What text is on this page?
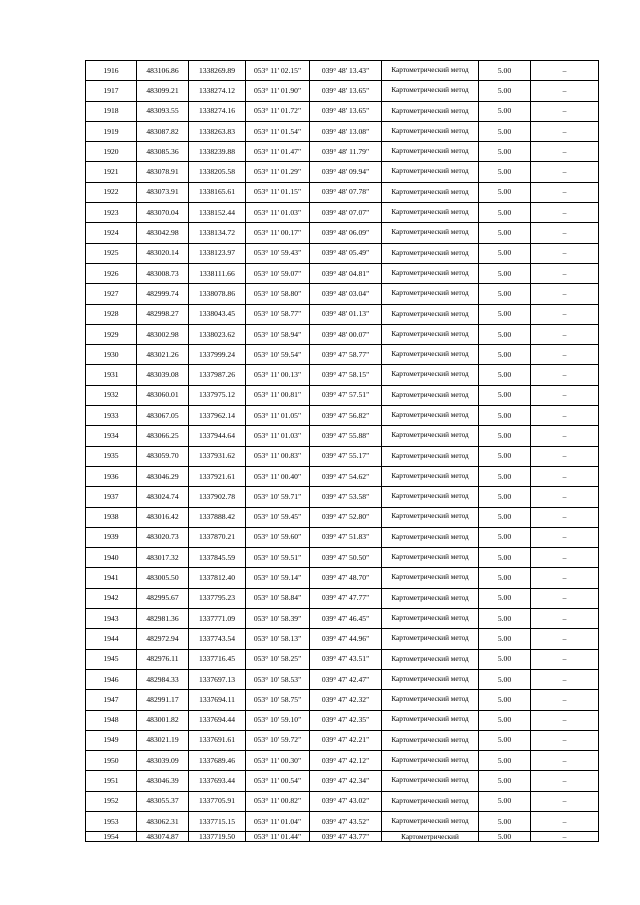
1916	483106.86	1338269.89	053° 11' 02.15"	039° 48' 13.43"	Картометрический метод	5.00	–
1917	483099.21	1338274.12	053° 11' 01.90"	039° 48' 13.65"	Картометрический метод	5.00	–
1918	483093.55	1338274.16	053° 11' 01.72"	039° 48' 13.65"	Картометрический метод	5.00	–
1919	483087.82	1338263.83	053° 11' 01.54"	039° 48' 13.08"	Картометрический метод	5.00	–
1920	483085.36	1338239.88	053° 11' 01.47"	039° 48' 11.79"	Картометрический метод	5.00	–
1921	483078.91	1338205.58	053° 11' 01.29"	039° 48' 09.94"	Картометрический метод	5.00	–
1922	483073.91	1338165.61	053° 11' 01.15"	039° 48' 07.78"	Картометрический метод	5.00	–
1923	483070.04	1338152.44	053° 11' 01.03"	039° 48' 07.07"	Картометрический метод	5.00	–
1924	483042.98	1338134.72	053° 11' 00.17"	039° 48' 06.09"	Картометрический метод	5.00	–
1925	483020.14	1338123.97	053° 10' 59.43"	039° 48' 05.49"	Картометрический метод	5.00	–
1926	483008.73	1338111.66	053° 10' 59.07"	039° 48' 04.81"	Картометрический метод	5.00	–
1927	482999.74	1338078.86	053° 10' 58.80"	039° 48' 03.04"	Картометрический метод	5.00	–
1928	482998.27	1338043.45	053° 10' 58.77"	039° 48' 01.13"	Картометрический метод	5.00	–
1929	483002.98	1338023.62	053° 10' 58.94"	039° 48' 00.07"	Картометрический метод	5.00	–
1930	483021.26	1337999.24	053° 10' 59.54"	039° 47' 58.77"	Картометрический метод	5.00	–
1931	483039.08	1337987.26	053° 11' 00.13"	039° 47' 58.15"	Картометрический метод	5.00	–
1932	483060.01	1337975.12	053° 11' 00.81"	039° 47' 57.51"	Картометрический метод	5.00	–
1933	483067.05	1337962.14	053° 11' 01.05"	039° 47' 56.82"	Картометрический метод	5.00	–
1934	483066.25	1337944.64	053° 11' 01.03"	039° 47' 55.88"	Картометрический метод	5.00	–
1935	483059.70	1337931.62	053° 11' 00.83"	039° 47' 55.17"	Картометрический метод	5.00	–
1936	483046.29	1337921.61	053° 11' 00.40"	039° 47' 54.62"	Картометрический метод	5.00	–
1937	483024.74	1337902.78	053° 10' 59.71"	039° 47' 53.58"	Картометрический метод	5.00	–
1938	483016.42	1337888.42	053° 10' 59.45"	039° 47' 52.80"	Картометрический метод	5.00	–
1939	483020.73	1337870.21	053° 10' 59.60"	039° 47' 51.83"	Картометрический метод	5.00	–
1940	483017.32	1337845.59	053° 10' 59.51"	039° 47' 50.50"	Картометрический метод	5.00	–
1941	483005.50	1337812.40	053° 10' 59.14"	039° 47' 48.70"	Картометрический метод	5.00	–
1942	482995.67	1337795.23	053° 10' 58.84"	039° 47' 47.77"	Картометрический метод	5.00	–
1943	482981.36	1337771.09	053° 10' 58.39"	039° 47' 46.45"	Картометрический метод	5.00	–
1944	482972.94	1337743.54	053° 10' 58.13"	039° 47' 44.96"	Картометрический метод	5.00	–
1945	482976.11	1337716.45	053° 10' 58.25"	039° 47' 43.51"	Картометрический метод	5.00	–
1946	482984.33	1337697.13	053° 10' 58.53"	039° 47' 42.47"	Картометрический метод	5.00	–
1947	482991.17	1337694.11	053° 10' 58.75"	039° 47' 42.32"	Картометрический метод	5.00	–
1948	483001.82	1337694.44	053° 10' 59.10"	039° 47' 42.35"	Картометрический метод	5.00	–
1949	483021.19	1337691.61	053° 10' 59.72"	039° 47' 42.21"	Картометрический метод	5.00	–
1950	483039.09	1337689.46	053° 11' 00.30"	039° 47' 42.12"	Картометрический метод	5.00	–
1951	483046.39	1337693.44	053° 11' 00.54"	039° 47' 42.34"	Картометрический метод	5.00	–
1952	483055.37	1337705.91	053° 11' 00.82"	039° 47' 43.02"	Картометрический метод	5.00	–
1953	483062.31	1337715.15	053° 11' 01.04"	039° 47' 43.52"	Картометрический метод	5.00	–
1954	483074.87	1337719.50	053° 11' 01.44"	039° 47' 43.77"	Картометрический	5.00	–
